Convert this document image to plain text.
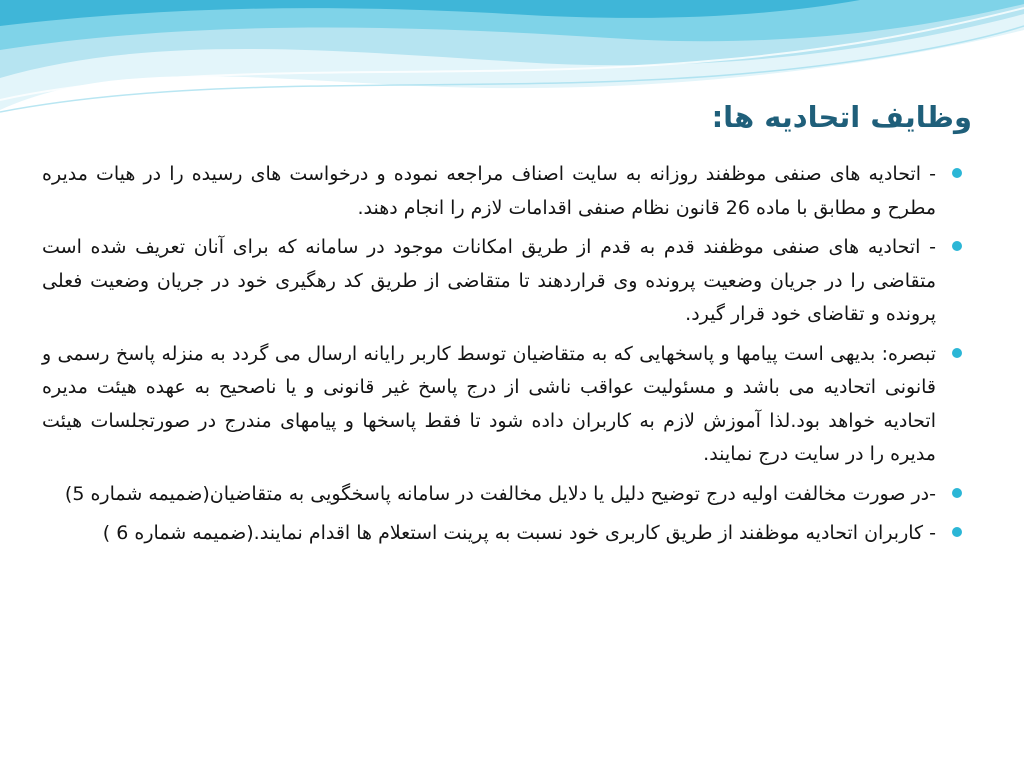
وظایف اتحادیه ها:
- اتحادیه های صنفی موظفند روزانه به سایت اصناف مراجعه نموده و درخواست های رسیده را در هیات مدیره مطرح و مطابق با ماده 26 قانون نظام صنفی اقدامات لازم را انجام دهند.
- اتحادیه های صنفی موظفند قدم به قدم از طریق امکانات موجود در سامانه که برای آنان تعریف شده است متقاضی را در جریان وضعیت پرونده وی قراردهند تا متقاضی از طریق کد رهگیری خود در جریان وضعیت فعلی پرونده و تقاضای خود قرار گیرد.
تبصره: بدیهی است پیامها و پاسخهایی که به متقاضیان توسط کاربر رایانه ارسال می گردد به منزله پاسخ رسمی و قانونی اتحادیه می باشد و مسئولیت عواقب ناشی از درج پاسخ غیر قانونی و یا ناصحیح به عهده هیئت مدیره اتحادیه خواهد بود.لذا آموزش لازم به کاربران داده شود تا فقط پاسخها و پیامهای مندرج در صورتجلسات هیئت مدیره را در سایت درج نمایند.
-در صورت مخالفت اولیه درج توضیح دلیل یا دلایل مخالفت در سامانه پاسخگویی به متقاضیان(ضمیمه شماره 5)
- کاربران اتحادیه موظفند از طریق کاربری خود نسبت به پرینت استعلام ها اقدام نمایند.(ضمیمه شماره 6 )
